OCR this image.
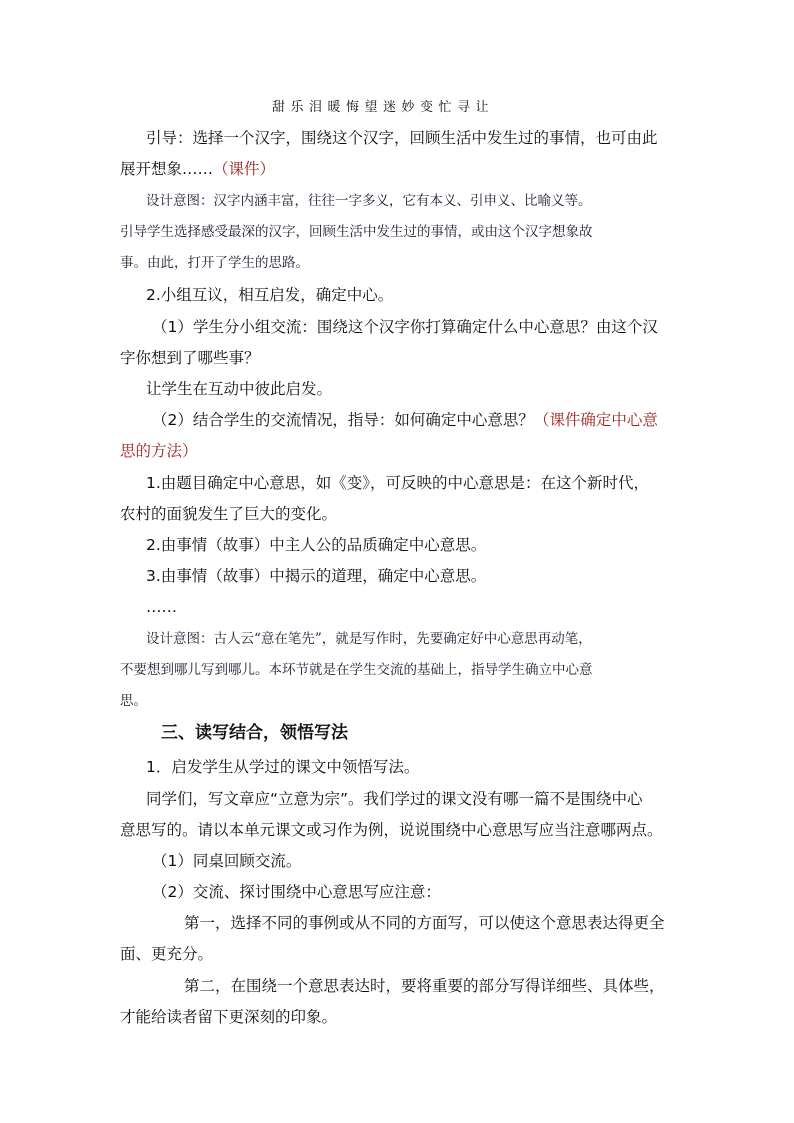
甜乐泪暖悔望迷妙变忙寻让
引导：选择一个汉字，围绕这个汉字，回顾生活中发生过的事情，也可由此
展开想象……（课件）
设计意图：汉字内涵丰富，往往一字多义，它有本义、引申义、比喻义等。
引导学生选择感受最深的汉字，回顾生活中发生过的事情，或由这个汉字想象故
事。由此，打开了学生的思路。
2.小组互议，相互启发，确定中心。
（1）学生分小组交流：围绕这个汉字你打算确定什么中心意思？由这个汉
字你想到了哪些事？
让学生在互动中彼此启发。
（2）结合学生的交流情况，指导：如何确定中心意思？（课件确定中心意
思的方法）
1.由题目确定中心意思，如《变》，可反映的中心意思是：在这个新时代，
农村的面貌发生了巨大的变化。
2.由事情（故事）中主人公的品质确定中心意思。
3.由事情（故事）中揭示的道理，确定中心意思。
……
设计意图：古人云“意在笔先”，就是写作时，先要确定好中心意思再动笔，
不要想到哪儿写到哪儿。本环节就是在学生交流的基础上，指导学生确立中心意
思。
三、读写结合，领悟写法
1．启发学生从学过的课文中领悟写法。
同学们，写文章应“立意为宗”。我们学过的课文没有哪一篇不是围绕中心
意思写的。请以本单元课文或习作为例，说说围绕中心意思写应当注意哪两点。
（1）同桌回顾交流。
（2）交流、探讨围绕中心意思写应注意：
第一，选择不同的事例或从不同的方面写，可以使这个意思表达得更全
面、更充分。
第二，在围绕一个意思表达时，要将重要的部分写得详细些、具体些，
才能给读者留下更深刻的印象。
